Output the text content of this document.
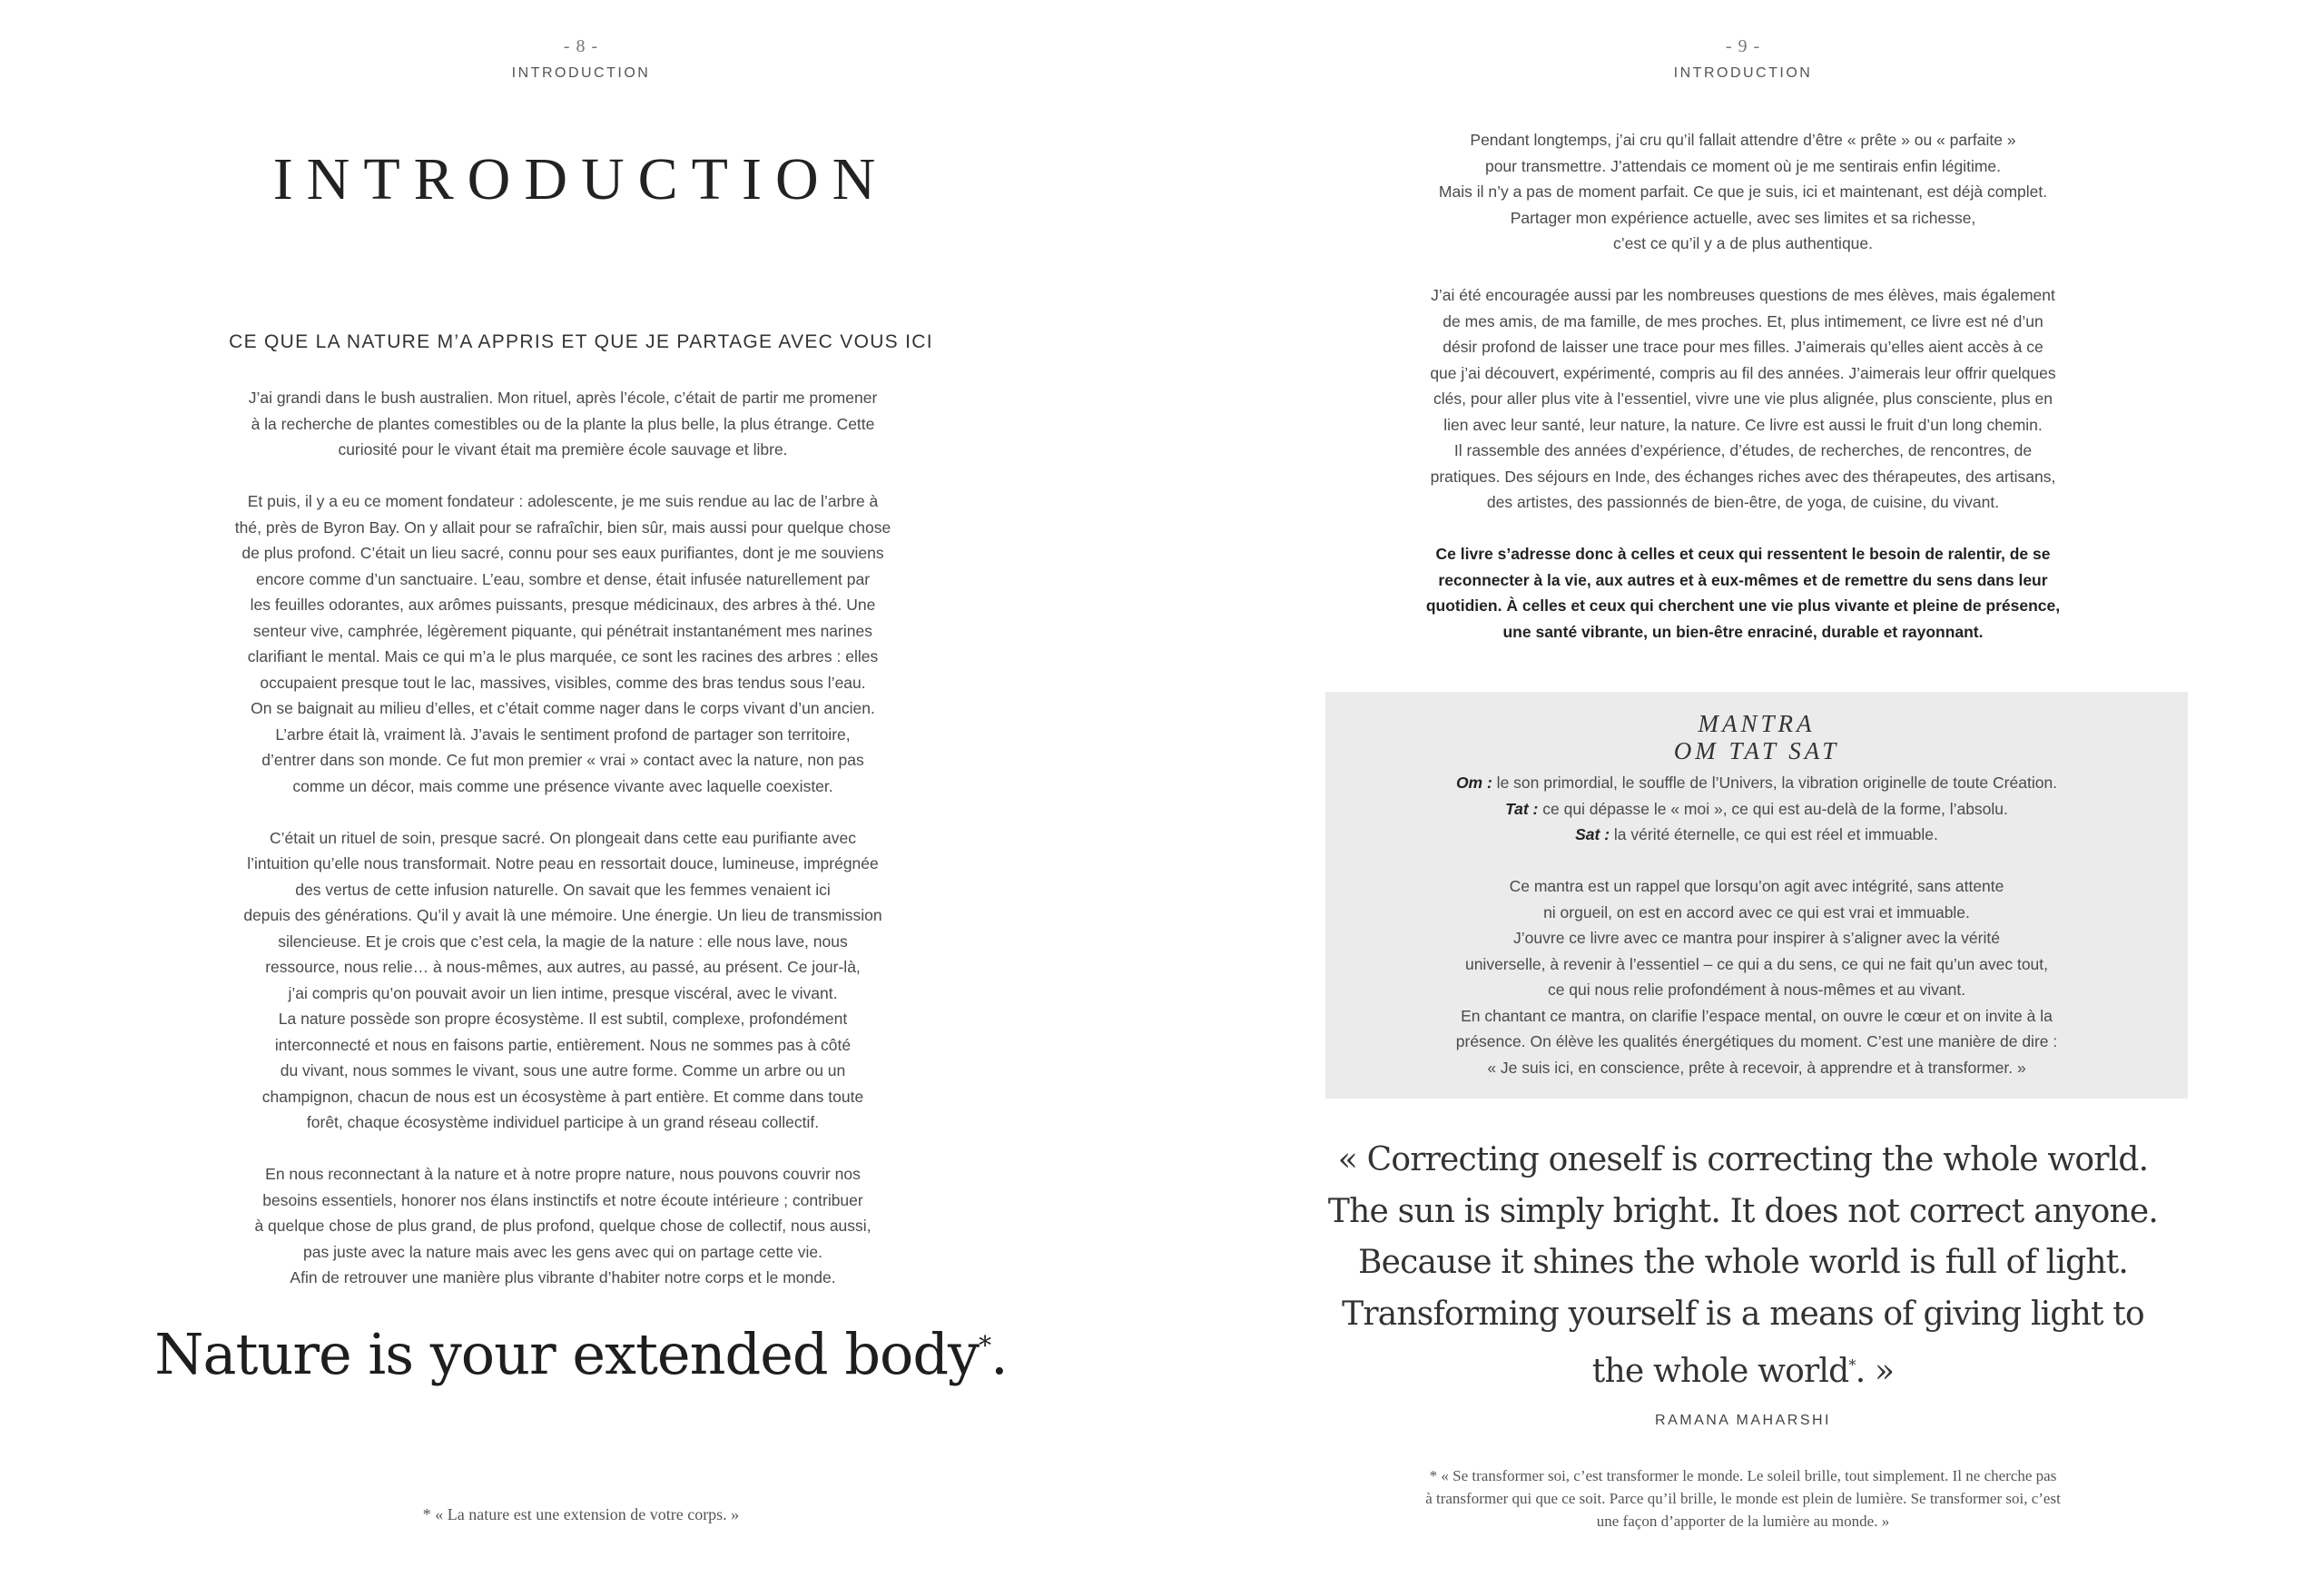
- 8 -
INTRODUCTION
INTRODUCTION
CE QUE LA NATURE M’A APPRIS ET QUE JE PARTAGE AVEC VOUS ICI

J’ai grandi dans le bush australien. Mon rituel, après l’école, c’était de partir me promener
à la recherche de plantes comestibles ou de la plante la plus belle, la plus étrange. Cette
curiosité pour le vivant était ma première école sauvage et libre.

Et puis, il y a eu ce moment fondateur : adolescente, je me suis rendue au lac de l’arbre à
thé, près de Byron Bay. On y allait pour se rafraîchir, bien sûr, mais aussi pour quelque chose
de plus profond. C’était un lieu sacré, connu pour ses eaux purifiantes, dont je me souviens
encore comme d’un sanctuaire. L’eau, sombre et dense, était infusée naturellement par
les feuilles odorantes, aux arômes puissants, presque médicinaux, des arbres à thé. Une
senteur vive, camphrée, légèrement piquante, qui pénétrait instantanément mes narines
clarifiant le mental. Mais ce qui m’a le plus marquée, ce sont les racines des arbres : elles
occupaient presque tout le lac, massives, visibles, comme des bras tendus sous l’eau.
On se baignait au milieu d’elles, et c’était comme nager dans le corps vivant d’un ancien.
L’arbre était là, vraiment là. J’avais le sentiment profond de partager son territoire,
d’entrer dans son monde. Ce fut mon premier « vrai » contact avec la nature, non pas
comme un décor, mais comme une présence vivante avec laquelle coexister.

C’était un rituel de soin, presque sacré. On plongeait dans cette eau purifiante avec
l’intuition qu’elle nous transformait. Notre peau en ressortait douce, lumineuse, imprégnée
des vertus de cette infusion naturelle. On savait que les femmes venaient ici
depuis des générations. Qu’il y avait là une mémoire. Une énergie. Un lieu de transmission
silencieuse. Et je crois que c’est cela, la magie de la nature : elle nous lave, nous
ressource, nous relie… à nous-mêmes, aux autres, au passé, au présent. Ce jour-là,
j’ai compris qu’on pouvait avoir un lien intime, presque viscéral, avec le vivant.
La nature possède son propre écosystème. Il est subtil, complexe, profondément
interconnecté et nous en faisons partie, entièrement. Nous ne sommes pas à côté
du vivant, nous sommes le vivant, sous une autre forme. Comme un arbre ou un
champignon, chacun de nous est un écosystème à part entière. Et comme dans toute
forêt, chaque écosystème individuel participe à un grand réseau collectif.

En nous reconnectant à la nature et à notre propre nature, nous pouvons couvrir nos
besoins essentiels, honorer nos élans instinctifs et notre écoute intérieure ; contribuer
à quelque chose de plus grand, de plus profond, quelque chose de collectif, nous aussi,
pas juste avec la nature mais avec les gens avec qui on partage cette vie.
Afin de retrouver une manière plus vibrante d’habiter notre corps et le monde.

Nature is your extended body*.
* « La nature est une extension de votre corps. »
- 9 -
INTRODUCTION

Pendant longtemps, j’ai cru qu’il fallait attendre d’être « prête » ou « parfaite »
pour transmettre. J’attendais ce moment où je me sentirais enfin légitime.
Mais il n’y a pas de moment parfait. Ce que je suis, ici et maintenant, est déjà complet.
Partager mon expérience actuelle, avec ses limites et sa richesse,
c’est ce qu’il y a de plus authentique.

J’ai été encouragée aussi par les nombreuses questions de mes élèves, mais également
de mes amis, de ma famille, de mes proches. Et, plus intimement, ce livre est né d’un
désir profond de laisser une trace pour mes filles. J’aimerais qu’elles aient accès à ce
que j’ai découvert, expérimenté, compris au fil des années. J’aimerais leur offrir quelques
clés, pour aller plus vite à l’essentiel, vivre une vie plus alignée, plus consciente, plus en
lien avec leur santé, leur nature, la nature. Ce livre est aussi le fruit d’un long chemin.
Il rassemble des années d’expérience, d’études, de recherches, de rencontres, de
pratiques. Des séjours en Inde, des échanges riches avec des thérapeutes, des artisans,
des artistes, des passionnés de bien-être, de yoga, de cuisine, du vivant.

Ce livre s’adresse donc à celles et ceux qui ressentent le besoin de ralentir, de se
reconnecter à la vie, aux autres et à eux-mêmes et de remettre du sens dans leur
quotidien. À celles et ceux qui cherchent une vie plus vivante et pleine de présence,
une santé vibrante, un bien-être enraciné, durable et rayonnant.

MANTRA
OM TAT SAT
Om : le son primordial, le souffle de l’Univers, la vibration originelle de toute Création.
Tat : ce qui dépasse le « moi », ce qui est au-delà de la forme, l’absolu.
Sat : la vérité éternelle, ce qui est réel et immuable.
Ce mantra est un rappel que lorsqu’on agit avec intégrité, sans attente
ni orgueil, on est en accord avec ce qui est vrai et immuable.
J’ouvre ce livre avec ce mantra pour inspirer à s’aligner avec la vérité
universelle, à revenir à l’essentiel – ce qui a du sens, ce qui ne fait qu’un avec tout,
ce qui nous relie profondément à nous-mêmes et au vivant.
En chantant ce mantra, on clarifie l’espace mental, on ouvre le cœur et on invite à la
présence. On élève les qualités énergétiques du moment. C’est une manière de dire :
« Je suis ici, en conscience, prête à recevoir, à apprendre et à transformer. »
« Correcting oneself is correcting the whole world.
The sun is simply bright. It does not correct anyone.
Because it shines the whole world is full of light.
Transforming yourself is a means of giving light to
the whole world*. »
RAMANA MAHARSHI
* « Se transformer soi, c’est transformer le monde. Le soleil brille, tout simplement. Il ne cherche pas
à transformer qui que ce soit. Parce qu’il brille, le monde est plein de lumière. Se transformer soi, c’est
une façon d’apporter de la lumière au monde. »
